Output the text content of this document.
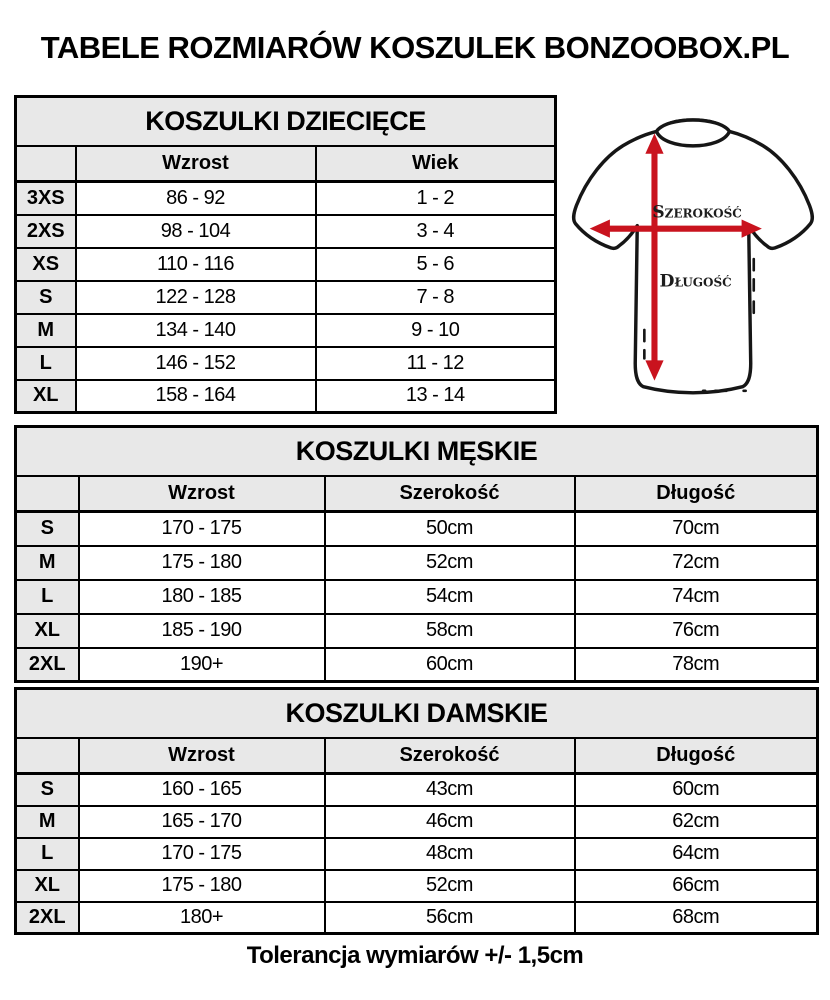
TABELE ROZMIARÓW KOSZULEK BONZOOBOX.PL
KOSZULKI DZIECIĘCE		
	Wzrost	Wiek
3XS	86 - 92	1 - 2
2XS	98 - 104	3 - 4
XS	110 - 116	5 - 6
S	122 - 128	7 - 8
M	134 - 140	9 - 10
L	146 - 152	11 - 12
XL	158 - 164	13 - 14
Szerokość
Długość
KOSZULKI MĘSKIE			
	Wzrost	Szerokość	Długość
S	170 - 175	50cm	70cm
M	175 - 180	52cm	72cm
L	180 - 185	54cm	74cm
XL	185 - 190	58cm	76cm
2XL	190+	60cm	78cm
KOSZULKI DAMSKIE			
	Wzrost	Szerokość	Długość
S	160 - 165	43cm	60cm
M	165 - 170	46cm	62cm
L	170 - 175	48cm	64cm
XL	175 - 180	52cm	66cm
2XL	180+	56cm	68cm
Tolerancja wymiarów +/- 1,5cm
